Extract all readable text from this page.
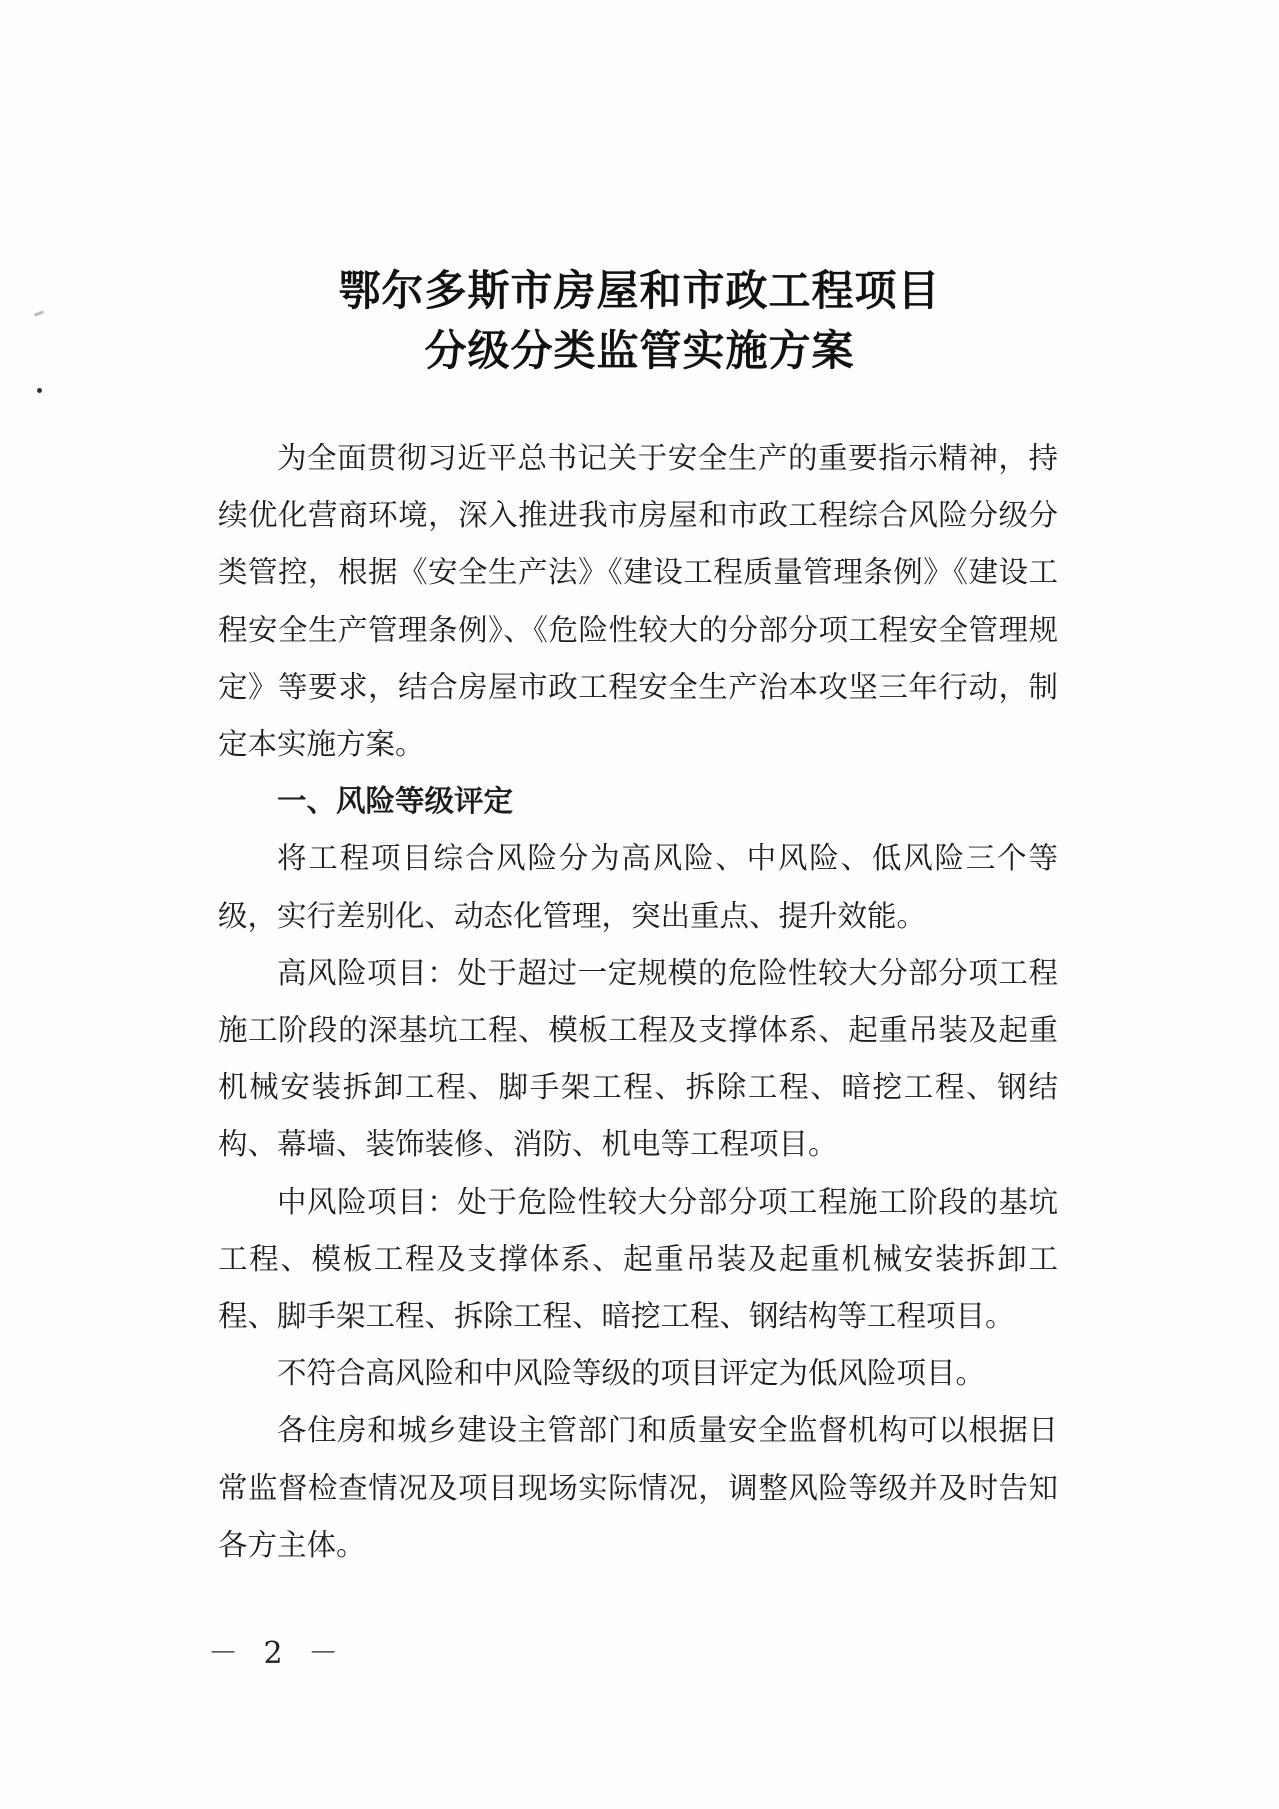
鄂尔多斯市房屋和市政工程项目
分级分类监管实施方案

为全面贯彻习近平总书记关于安全生产的重要指示精神，持续优化营商环境，深入推进我市房屋和市政工程综合风险分级分类管控，根据《安全生产法》《建设工程质量管理条例》《建设工程安全生产管理条例》、《危险性较大的分部分项工程安全管理规定》等要求，结合房屋市政工程安全生产治本攻坚三年行动，制定本实施方案。

一、风险等级评定

将工程项目综合风险分为高风险、中风险、低风险三个等级，实行差别化、动态化管理，突出重点、提升效能。

高风险项目：处于超过一定规模的危险性较大分部分项工程施工阶段的深基坑工程、模板工程及支撑体系、起重吊装及起重机械安装拆卸工程、脚手架工程、拆除工程、暗挖工程、钢结构、幕墙、装饰装修、消防、机电等工程项目。

中风险项目：处于危险性较大分部分项工程施工阶段的基坑工程、模板工程及支撑体系、起重吊装及起重机械安装拆卸工程、脚手架工程、拆除工程、暗挖工程、钢结构等工程项目。

不符合高风险和中风险等级的项目评定为低风险项目。

各住房和城乡建设主管部门和质量安全监督机构可以根据日常监督检查情况及项目现场实际情况，调整风险等级并及时告知各方主体。

－ 2 －
